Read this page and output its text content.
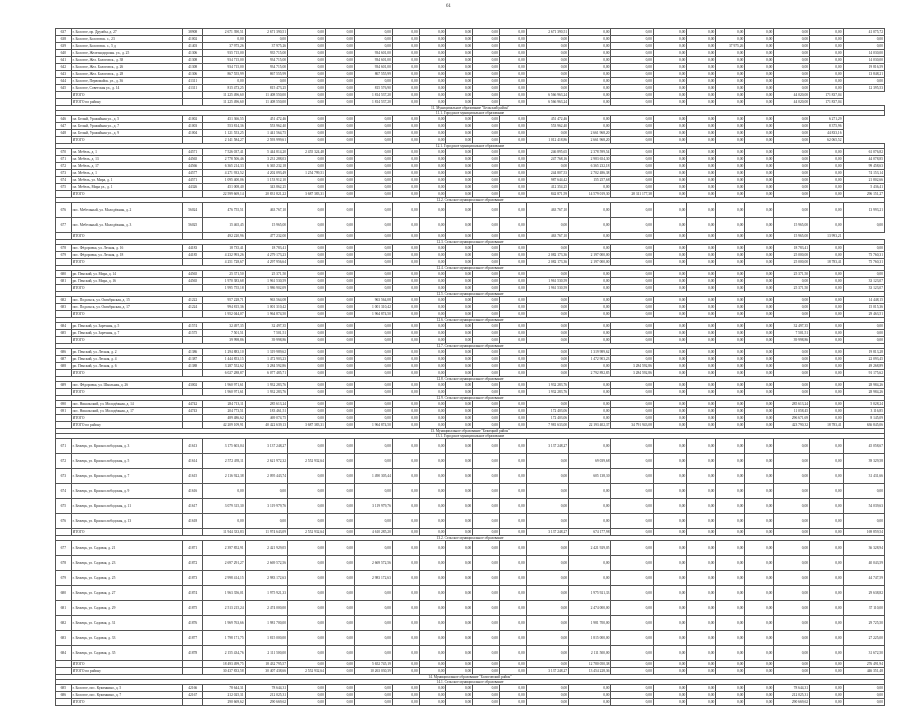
61
637	г. Бологое, пр. Дружбы, д. 27	38908	2 671 390,51	2 671 390,51	0,00	0,00	0,00	0,00	0,00	0,00	0,00	0,00	2 671 390,51	0,00	0,00	0,00	0,00	0,00	0,00	0,00	0,00	41 075,72
638	г. Бологое, Бологовск. с., 23	41002	0,00	0,00	0,00	0,00	0,00	0,00	0,00	0,00	0,00	0,00	0,00	0,00	0,00	0,00	0,00	0,00	0,00	0,00	0,00	0,00
639	г. Бологое, Бологовск. с., 5 д	41403	37 975,26	37 975,26	0,00	0,00	0,00	0,00	0,00	0,00	0,00	0,00	0,00	0,00	0,00	0,00	0,00	37 975,26	0,00	0,00	0,00	0,00
640	г. Бологое, Железнодорожн. ул., д. 25	41306	935 715,00	935 715,00	0,00	0,00	934 601,00	0,00	0,00	0,00	0,00	0,00	0,00	0,00	0,00	0,00	0,00	0,00	0,00	0,00	0,00	14 030,00
641	г. Бологое, Жел. Бологовск., д. 38	41308	934 715,00	934 715,00	0,00	0,00	934 601,00	0,00	0,00	0,00	0,00	0,00	0,00	0,00	0,00	0,00	0,00	0,00	0,00	0,00	0,00	14 030,00
642	г. Бологое, Жел. Бологовск., д. 26	41308	934 715,00	934 715,00	0,00	0,00	934 601,00	0,00	0,00	0,00	0,00	0,00	0,00	0,00	0,00	0,00	0,00	0,00	0,00	0,00	0,00	19 816,59
643	г. Бологое, Жел. Бологовск., д. 28	41306	867 555,99	867 555,99	0,00	0,00	867 555,99	0,00	0,00	0,00	0,00	0,00	0,00	0,00	0,00	0,00	0,00	0,00	0,00	0,00	0,00	13 848,21
644	г. Бологое, Первомайск. ул., д. 36	41311	0,00	0,00	0,00	0,00	0,00	0,00	0,00	0,00	0,00	0,00	0,00	0,00	0,00	0,00	0,00	0,00	0,00	0,00	0,00	0,00
645	г. Бологое, Советская ул., д. 14	41311	815 473,25	815 473,25	0,00	0,00	815 576,90	0,00	0,00	0,00	0,00	0,00	0,00	0,00	0,00	0,00	0,00	0,00	0,00	0,00	0,00	12 395,53
	ИТОГО		11 225 496,60	11 408 550,00	0,00	0,00	1 814 537,20	0,00	0,00	0,00	0,00	0,00	6 566 963,24	0,00	0,00	0,00	0,00	0,00	0,00	44 020,00	171 837,04	
	ИТОГО по району		11 225 496,60	11 408 550,00	0,00	0,00	1 814 537,20	0,00	0,00	0,00	0,00	0,00	6 566 963,24	0,00	0,00	0,00	0,00	0,00	0,00	44 020,00	171 837,04	
11. Муниципальное образование "Бельский район"																						
11.1. Городское муниципальное образование																						
646	пл. Белый, Урожайная ул., д. 5	41002	451 366,55	451 472,46	0,00	0,00	0,00	0,00	0,00	0,00	0,00	0,00	451 472,46	0,00	0,00	0,00	0,00	0,00	0,00	0,00	6 271,29	
647	пл. Белый, Урожайная ул., д. 7	41003	553 814,36	553 962,40	0,00	0,00	0,00	0,00	0,00	0,00	0,00	0,00	553 962,40	0,00	0,00	0,00	0,00	0,00	0,00	0,00	8 375,96	
648	пл. Белый, Урожайная ул., д. 9	41004	1 121 553,25	1 441 564,75	0,00	0,00	0,00	0,00	0,00	0,00	0,00	0,00	0,00	2 661 968,20	0,00	0,00	0,00	0,00	0,00	0,00	44 833,16	
	ИТОГО		2 141 584,27	2 593 999,61	0,00	0,00	0,00	0,00	0,00	0,00	0,00	0,00	1 012 418,86	2 661 968,20	0,00	0,00	0,00	0,00	0,00	0,00	62 065,52	
12.1. Городское муниципальное образование																						
670	пл. Мебель, д. 1	44571	7 526 037,41	5 444 814,20	2 455 324,48	0,00	0,00	0,00	0,00	0,00	0,00	0,00	246 895,65	2 378 599,54	0,00	0,00	0,00	0,00	0,00	0,00	0,00	61 076,82
671	пл. Мебель, д. 13	44565	2 778 506,46	3 231 288,03	0,00	0,00	0,00	0,00	0,00	0,00	0,00	0,00	247 768,16	2 983 654,30	0,00	0,00	0,00	0,00	0,00	0,00	0,00	44 078,85
672	пл. Мебель, д. 17	44566	6 365 214,33	6 365 232,18	0,00	0,00	0,00	0,00	0,00	0,00	0,00	0,00	0,00	6 365 232,18	0,00	0,00	0,00	0,00	0,00	0,00	0,00	99 458,63
673	пл. Мебель, д. 1	44577	4 271 933,52	4 202 093,49	1 254 799,51	0,00	0,00	0,00	0,00	0,00	0,00	0,00	244 807,53	2 702 486,38	0,00	0,00	0,00	0,00	0,00	0,00	0,00	74 153,14
674	пл. Мебель, ул. Мира, д. 1	44571	1 095 400,06	1 153 912,10	0,00	0,00	0,00	0,00	0,00	0,00	0,00	0,00	987 644,42	155 257,68	0,00	0,00	0,00	0,00	0,00	0,00	0,00	21 802,66
675	пл. Мебель, Мира ул., д. 1	44326	451 008,40	343 862,25	0,00	0,00	0,00	0,00	0,00	0,00	0,00	0,00	412 354,25	0,00	0,00	0,00	0,00	0,00	0,00	0,00	0,00	5 436,41
	ИТОГО		22 599 669,14	20 831 821,22	3 687 383,31	0,00	0,00	0,00	0,00	0,00	0,00	0,00	842 871,59	14 579 019,30	28 311 177,38	0,00	0,00	0,00	0,00	0,00	0,00	296 151,27
12.2. Сельское муниципальное образование																						
676	пос. Мебельный, ул. Молодёжная, д. 2	56024	476 755,51	463 767,10	0,00	0,00	0,00	0,00	0,00	0,00	0,00	0,00	463 767,10	0,00	0,00	0,00	0,00	0,00	0,00	0,00	0,00	13 993,21
677	пос. Мебельный, ул. Молодёжная, д. 3	56025	15 465,45	15 965,00	0,00	0,00	0,00	0,00	0,00	0,00	0,00	0,00	0,00	0,00	0,00	0,00	0,00	0,00	0,00	15 965,00	0,00	0,00
	ИТОГО		492 220,96	477 232,00	0,00	0,00	0,00	0,00	0,00	0,00	0,00	0,00	463 767,10	0,00	0,00	0,00	0,00	0,00	0,00	15 965,00	13 993,21	
12.3. Сельское муниципальное образование																						
678	пос. Фёдоровка, ул. Лесная, д. 16	44183	18 735,41	18 783,41	0,00	0,00	0,00	0,00	0,00	0,00	0,00	0,00	0,00	0,00	0,00	0,00	0,00	0,00	0,00	18 783,41	0,00	0,00
679	пос. Фёдоровка, ул. Лесная, д. 18	44185	4 232 993,26	4 279 173,23	0,00	0,00	0,00	0,00	0,00	0,00	0,00	0,00	2 082 173,36	2 197 000,00	0,00	0,00	0,00	0,00	0,00	25 000,00	0,00	75 760,31
	ИТОГО		4 251 728,67	4 297 956,64	0,00	0,00	0,00	0,00	0,00	0,00	0,00	0,00	2 082 173,36	2 197 000,00	0,00	0,00	0,00	0,00	0,00	25 000,00	18 783,41	75 760,31
12.4. Сельское муниципальное образование																						
680	рп. Пенский, ул. Мира, д. 14	44565	25 371,50	25 371,50	0,00	0,00	0,00	0,00	0,00	0,00	0,00	0,00	0,00	0,00	0,00	0,00	0,00	0,00	0,00	25 371,50	0,00	0,00
681	рп. Пенский, ул. Мира, д. 16	44565	1 970 383,68	1 961 530,59	0,00	0,00	0,00	0,00	0,00	0,00	0,00	0,00	1 961 530,59	0,00	0,00	0,00	0,00	0,00	0,00	0,00	0,00	33 123,07
	ИТОГО		1 995 755,18	1 986 902,09	0,00	0,00	0,00	0,00	0,00	0,00	0,00	0,00	1 961 530,59	0,00	0,00	0,00	0,00	0,00	0,00	25 371,50	0,00	33 123,07
12.5. Сельское муниципальное образование																						
682	пос. Подольск, ул. Октябрьская, д. 15	41222	957 228,71	963 564,08	0,00	0,00	963 564,08	0,00	0,00	0,00	0,00	0,00	0,00	0,00	0,00	0,00	0,00	0,00	0,00	0,00	0,00	14 448,15
683	пос. Подольск, ул. Октябрьская, д. 17	41224	994 815,36	1 001 310,42	0,00	0,00	1 001 310,42	0,00	0,00	0,00	0,00	0,00	0,00	0,00	0,00	0,00	0,00	0,00	0,00	0,00	0,00	15 015,36
	ИТОГО		1 952 044,07	1 964 874,50	0,00	0,00	1 964 874,50	0,00	0,00	0,00	0,00	0,00	0,00	0,00	0,00	0,00	0,00	0,00	0,00	0,00	0,00	29 463,51
12.6. Сельское муниципальное образование																						
684	рп. Пенский, ул. Заречная, д. 5	41574	32 497,35	32 497,35	0,00	0,00	0,00	0,00	0,00	0,00	0,00	0,00	0,00	0,00	0,00	0,00	0,00	0,00	0,00	32 497,35	0,00	0,00
685	рп. Пенский, ул. Заречная, д. 7	41575	7 501,51	7 501,51	0,00	0,00	0,00	0,00	0,00	0,00	0,00	0,00	0,00	0,00	0,00	0,00	0,00	0,00	0,00	7 501,51	0,00	0,00
	ИТОГО		39 998,86	39 998,86	0,00	0,00	0,00	0,00	0,00	0,00	0,00	0,00	0,00	0,00	0,00	0,00	0,00	0,00	0,00	39 998,86	0,00	0,00
12.7. Сельское муниципальное образование																						
686	рп. Пенский, ул. Лесная, д. 2	41386	1 294 883,10	1 319 989,62	0,00	0,00	0,00	0,00	0,00	0,00	0,00	0,00	0,00	1 319 989,62	0,00	0,00	0,00	0,00	0,00	0,00	0,00	19 813,28
687	рп. Пенский, ул. Лесная, д. 4	41387	1 444 853,15	1 472 903,23	0,00	0,00	0,00	0,00	0,00	0,00	0,00	0,00	0,00	1 472 903,23	0,00	0,00	0,00	0,00	0,00	0,00	0,00	22 093,45
688	рп. Пенский, ул. Лесная, д. 6	41388	3 287 552,62	3 284 592,86	0,00	0,00	0,00	0,00	0,00	0,00	0,00	0,00	0,00	0,00	3 284 592,86	0,00	0,00	0,00	0,00	0,00	0,00	49 268,89
	ИТОГО		6 027 288,87	6 077 485,71	0,00	0,00	0,00	0,00	0,00	0,00	0,00	0,00	0,00	2 792 892,85	3 284 592,86	0,00	0,00	0,00	0,00	0,00	0,00	91 175,62
12.8. Сельское муниципальное образование																						
689	пос. Фёдоровка, ул. Школьная, д. 26	43002	1 960 971,61	1 932 283,76	0,00	0,00	0,00	0,00	0,00	0,00	0,00	0,00	1 932 283,76	0,00	0,00	0,00	0,00	0,00	0,00	0,00	0,00	28 984,26
	ИТОГО		1 960 971,61	1 932 283,76	0,00	0,00	0,00	0,00	0,00	0,00	0,00	0,00	1 932 283,76	0,00	0,00	0,00	0,00	0,00	0,00	0,00	0,00	28 984,26
12.9. Сельское муниципальное образование																						
690	пос. Никольский, ул. Молодёжная, д. 14	44742	284 713,11	285 613,24	0,00	0,00	0,00	0,00	0,00	0,00	0,00	0,00	0,00	0,00	0,00	0,00	0,00	0,00	0,00	285 613,24	0,00	5 028,24
691	пос. Никольский, ул. Молодёжная, д. 17	44743	204 773,51	183 461,51	0,00	0,00	0,00	0,00	0,00	0,00	0,00	0,00	172 403,06	0,00	0,00	0,00	0,00	0,00	0,00	11 058,45	0,00	3 116,85
	ИТОГО		489 486,62	469 074,75	0,00	0,00	0,00	0,00	0,00	0,00	0,00	0,00	172 403,06	0,00	0,00	0,00	0,00	0,00	0,00	296 671,69	0,00	8 145,09
	ИТОГО по району		42 209 109,91	40 422 639,13	3 687 383,31	0,00	1 964 874,50	0,00	0,00	0,00	0,00	0,00	7 981 633,00	22 193 402,37	34 791 943,08	0,00	0,00	0,00	0,00	423 790,32	18 783,41	636 845,06
13. Муниципальное образование "Бежецкий район"																						
13.1. Городское муниципальное образование																						
671	г. Бежецк, ул. Краснослободская, д. 3	41613	3 175 603,04	3 137 248,27	0,00	0,00	0,00	0,00	0,00	0,00	0,00	0,00	3 137 248,27	0,00	0,00	0,00	0,00	0,00	0,00	0,00	0,00	45 058,67
672	г. Бежецк, ул. Краснослободская, д. 5	41614	2 572 493,11	2 621 972,32	2 552 932,64	0,00	0,00	0,00	0,00	0,00	0,00	0,00	0,00	69 039,68	0,00	0,00	0,00	0,00	0,00	0,00	0,00	39 329,58
673	г. Бежецк, ул. Краснослободская, д. 7	41615	2 116 922,38	2 095 443,74	0,00	0,00	1 490 305,44	0,00	0,00	0,00	0,00	0,00	0,00	605 138,30	0,00	0,00	0,00	0,00	0,00	0,00	0,00	31 431,66
674	г. Бежецк, ул. Краснослободская, д. 9	41616	0,00	0,00	0,00	0,00	0,00	0,00	0,00	0,00	0,00	0,00	0,00	0,00	0,00	0,00	0,00	0,00	0,00	0,00	0,00	0,00
675	г. Бежецк, ул. Краснослободская, д. 11	41617	3 079 315,30	3 119 979,76	0,00	0,00	3 119 979,76	0,00	0,00	0,00	0,00	0,00	0,00	0,00	0,00	0,00	0,00	0,00	0,00	0,00	0,00	54 039,63
676	г. Бежецк, ул. Краснослободская, д. 13	41618	0,00	0,00	0,00	0,00	0,00	0,00	0,00	0,00	0,00	0,00	0,00	0,00	0,00	0,00	0,00	0,00	0,00	0,00	0,00	0,00
	ИТОГО		11 944 333,83	11 974 643,09	2 552 932,64	0,00	4 610 285,20	0,00	0,00	0,00	0,00	0,00	3 137 248,27	674 177,98	0,00	0,00	0,00	0,00	0,00	0,00	0,00	169 859,54
13.2. Сельское муниципальное образование																						
677	г. Бежецк, ул. Садовая, д. 21	41871	2 397 852,91	2 421 929,05	0,00	0,00	0,00	0,00	0,00	0,00	0,00	0,00	0,00	2 421 929,05	0,00	0,00	0,00	0,00	0,00	0,00	0,00	36 328,94
678	г. Бежецк, ул. Садовая, д. 23	41872	2 697 291,27	2 669 572,56	0,00	0,00	2 669 572,56	0,00	0,00	0,00	0,00	0,00	0,00	0,00	0,00	0,00	0,00	0,00	0,00	0,00	0,00	40 043,59
679	г. Бежецк, ул. Садовая, д. 25	41873	2 998 414,15	2 983 172,63	0,00	0,00	2 983 172,63	0,00	0,00	0,00	0,00	0,00	0,00	0,00	0,00	0,00	0,00	0,00	0,00	0,00	0,00	44 747,59
680	г. Бежецк, ул. Садовая, д. 27	41874	1 963 356,01	1 975 921,33	0,00	0,00	0,00	0,00	0,00	0,00	0,00	0,00	0,00	1 975 921,33	0,00	0,00	0,00	0,00	0,00	0,00	0,00	29 638,82
681	г. Бежецк, ул. Садовая, д. 29	41875	2 513 215,24	2 474 000,00	0,00	0,00	0,00	0,00	0,00	0,00	0,00	0,00	0,00	2 474 000,00	0,00	0,00	0,00	0,00	0,00	0,00	0,00	37 110,00
682	г. Бежецк, ул. Садовая, д. 31	41876	1 969 763,66	1 981 700,00	0,00	0,00	0,00	0,00	0,00	0,00	0,00	0,00	0,00	1 981 700,00	0,00	0,00	0,00	0,00	0,00	0,00	0,00	29 725,50
683	г. Бежецк, ул. Садовая, д. 33	41877	1 798 171,75	1 815 000,00	0,00	0,00	0,00	0,00	0,00	0,00	0,00	0,00	0,00	1 815 000,00	0,00	0,00	0,00	0,00	0,00	0,00	0,00	27 225,00
684	г. Бежецк, ул. Садовая, д. 35	41878	2 155 434,76	2 111 500,00	0,00	0,00	0,00	0,00	0,00	0,00	0,00	0,00	0,00	2 111 500,00	0,00	0,00	0,00	0,00	0,00	0,00	0,00	31 672,50
	ИТОГО		18 493 499,75	18 432 795,57	0,00	0,00	5 652 745,19	0,00	0,00	0,00	0,00	0,00	0,00	12 780 050,38	0,00	0,00	0,00	0,00	0,00	0,00	0,00	276 491,94
	ИТОГО по району		30 437 833,58	30 407 438,66	2 552 932,64	0,00	10 263 030,39	0,00	0,00	0,00	0,00	0,00	3 137 248,27	13 454 228,36	0,00	0,00	0,00	0,00	0,00	0,00	0,00	446 351,48
14. Муниципальное образование "Бологовский район"																						
14.1. Сельское муниципальное образование																						
685	г. Бологое, пос. Куженкино, д. 5	42166	78 644,31	78 644,31	0,00	0,00	0,00	0,00	0,00	0,00	0,00	0,00	0,00	0,00	0,00	0,00	0,00	0,00	0,00	78 644,31	0,00	0,00
686	г. Бологое, пос. Куженкино, д. 7	42167	212 025,31	212 025,31	0,00	0,00	0,00	0,00	0,00	0,00	0,00	0,00	0,00	0,00	0,00	0,00	0,00	0,00	0,00	212 025,31	0,00	0,00
	ИТОГО		290 669,62	290 669,62	0,00	0,00	0,00	0,00	0,00	0,00	0,00	0,00	0,00	0,00	0,00	0,00	0,00	0,00	0,00	290 669,62	0,00	0,00
